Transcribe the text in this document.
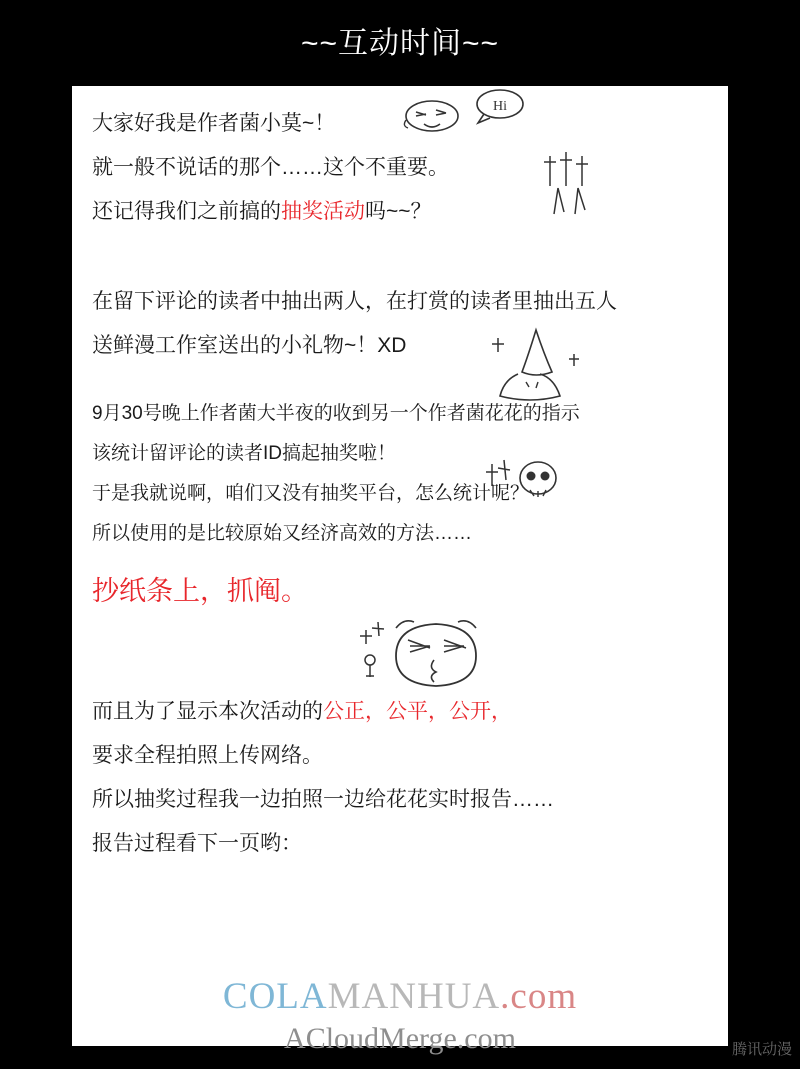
~~互动时间~~
Hi
大家好我是作者菌小莫~！
就一般不说话的那个……这个不重要。
还记得我们之前搞的抽奖活动吗~~？
在留下评论的读者中抽出两人，在打赏的读者里抽出五人
送鲜漫工作室送出的小礼物~！XD
9月30号晚上作者菌大半夜的收到另一个作者菌花花的指示
该统计留评论的读者ID搞起抽奖啦！
于是我就说啊，咱们又没有抽奖平台，怎么统计呢？
所以使用的是比较原始又经济高效的方法……
抄纸条上，抓阄。
而且为了显示本次活动的公正，公平，公开，
要求全程拍照上传网络。
所以抽奖过程我一边拍照一边给花花实时报告……
报告过程看下一页哟：
COLAMANHUA.com
ACloudMerge.com	腾讯动漫
